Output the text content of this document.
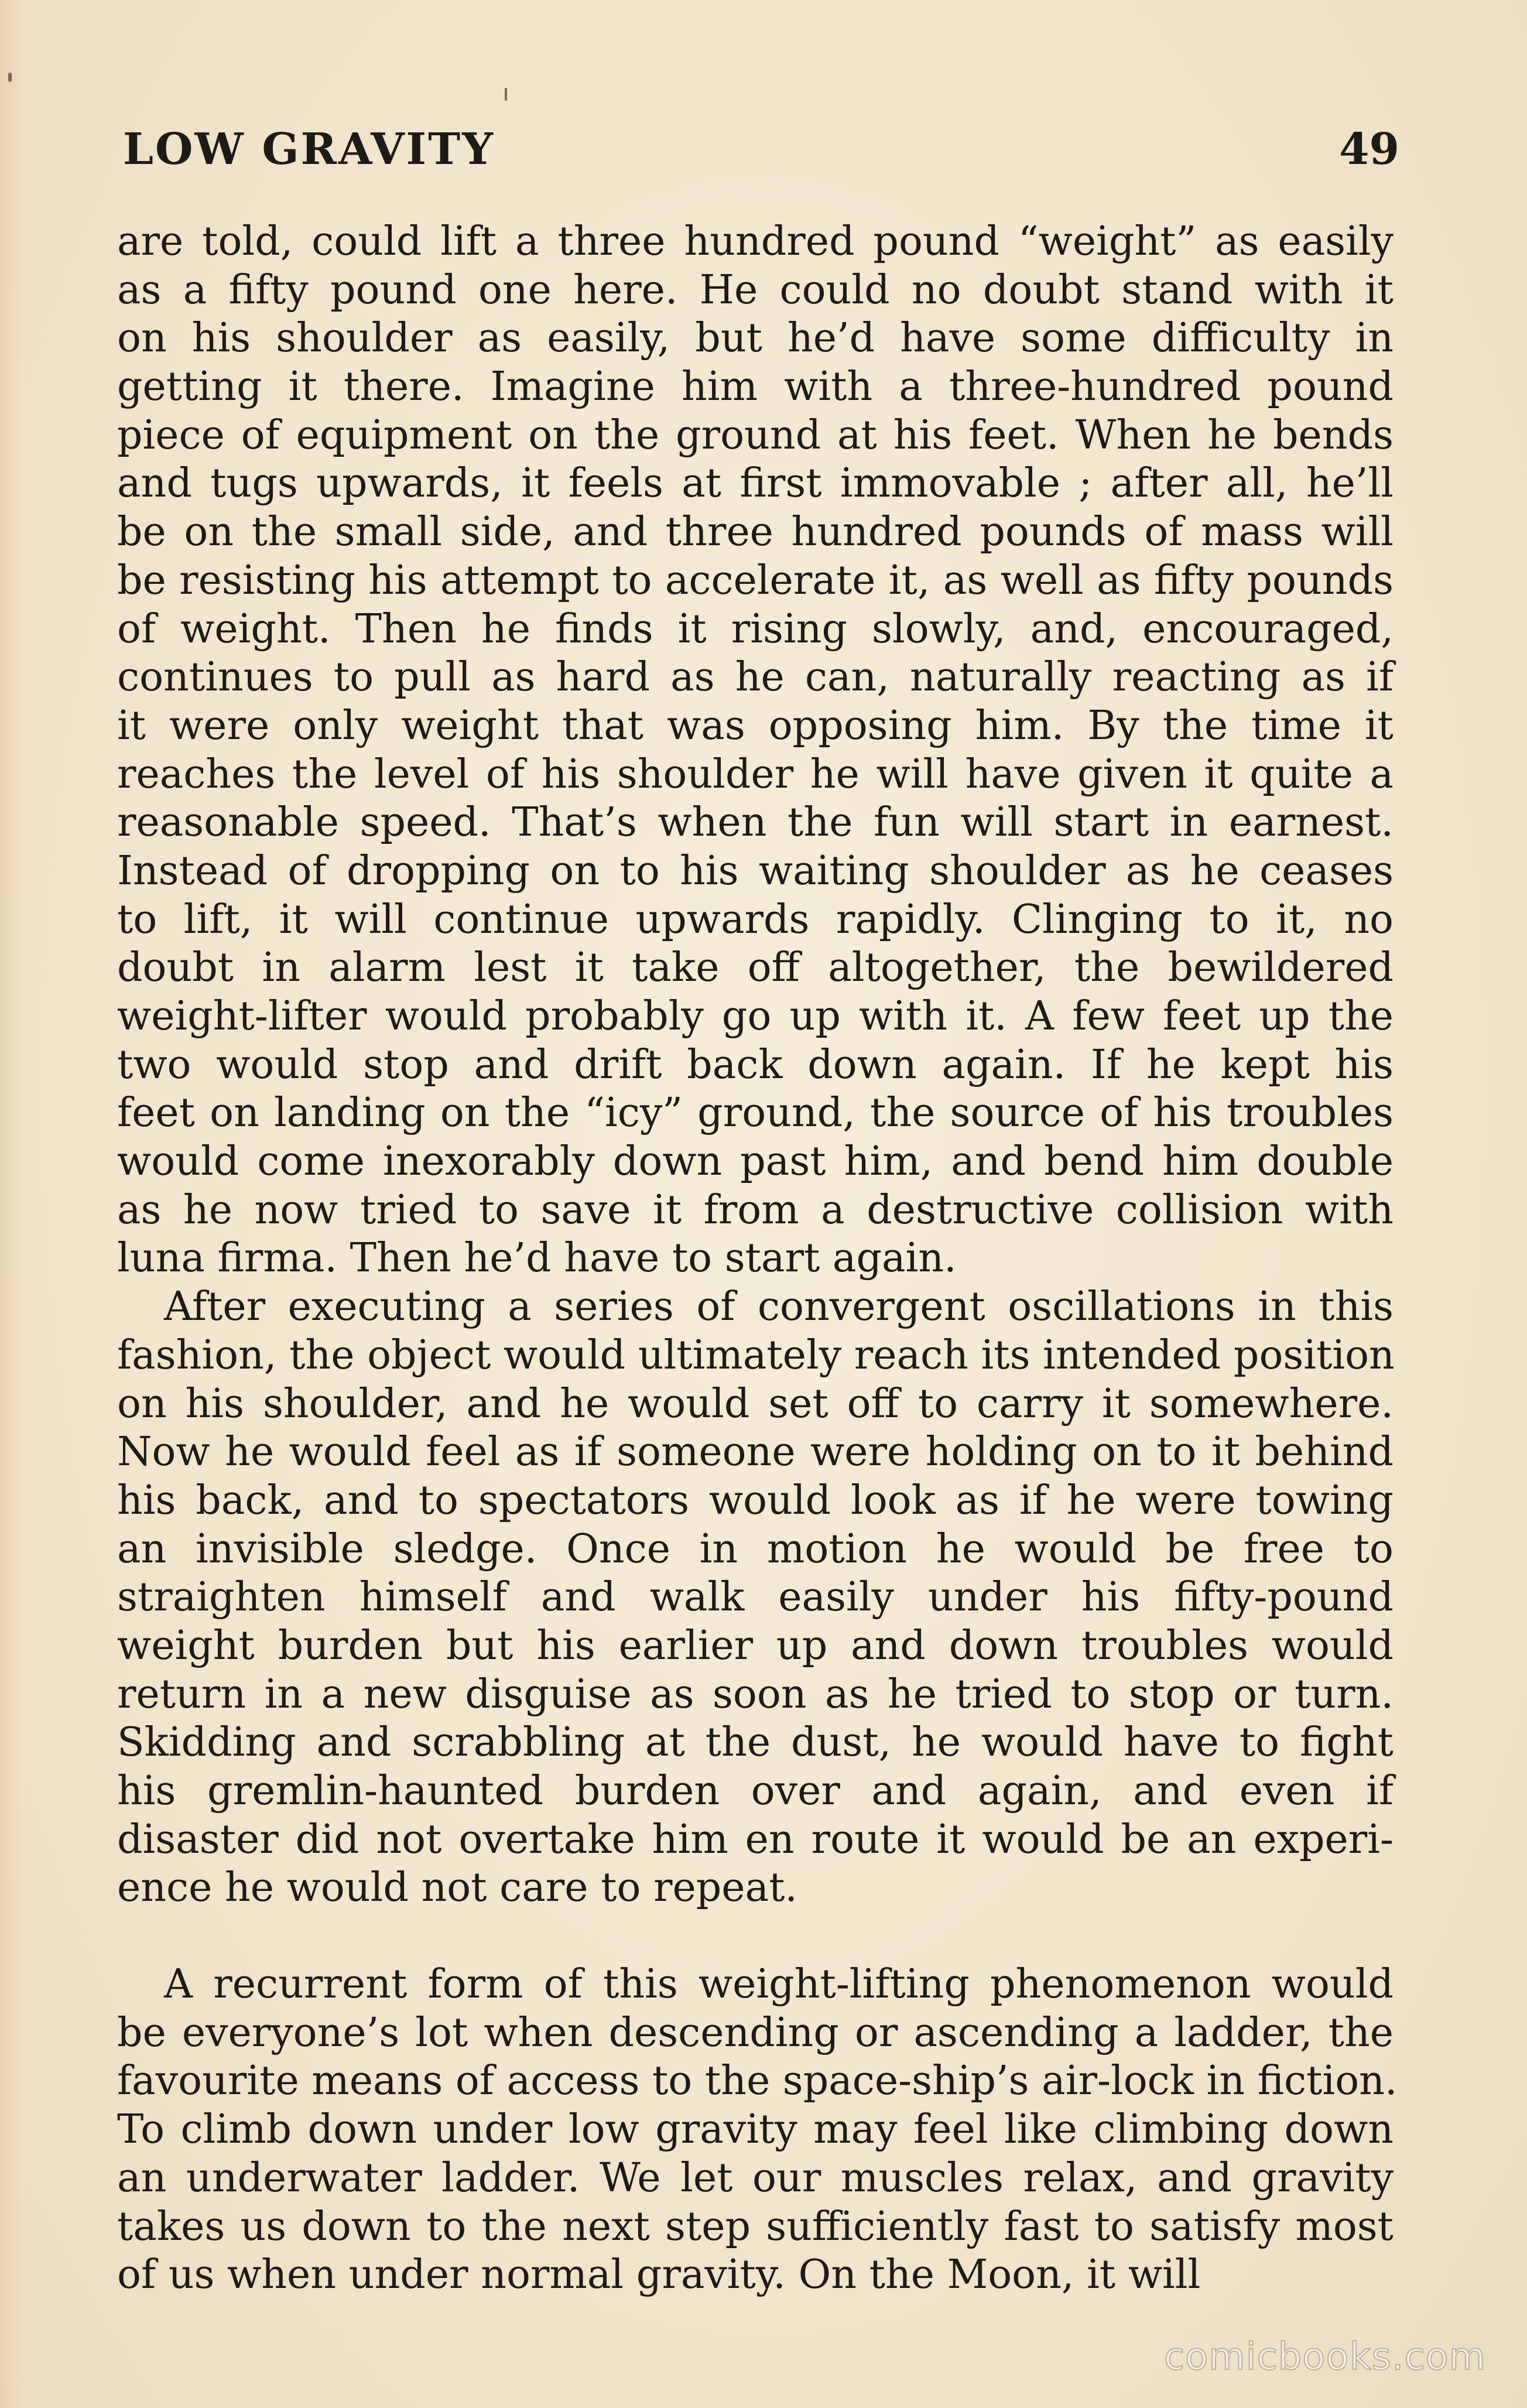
LOW GRAVITY	49
are told, could lift a three hundred pound “weight” as easily
as a fifty pound one here. He could no doubt stand with it
on his shoulder as easily, but he’d have some difficulty in
getting it there. Imagine him with a three-hundred pound
piece of equipment on the ground at his feet. When he bends
and tugs upwards, it feels at first immovable ; after all, he’ll
be on the small side, and three hundred pounds of mass will
be resisting his attempt to accelerate it, as well as fifty pounds
of weight. Then he finds it rising slowly, and, encouraged,
continues to pull as hard as he can, naturally reacting as if
it were only weight that was opposing him. By the time it
reaches the level of his shoulder he will have given it quite a
reasonable speed. That’s when the fun will start in earnest.
Instead of dropping on to his waiting shoulder as he ceases
to lift, it will continue upwards rapidly. Clinging to it, no
doubt in alarm lest it take off altogether, the bewildered
weight-lifter would probably go up with it. A few feet up the
two would stop and drift back down again. If he kept his
feet on landing on the “icy” ground, the source of his troubles
would come inexorably down past him, and bend him double
as he now tried to save it from a destructive collision with
luna firma. Then he’d have to start again.
After executing a series of convergent oscillations in this
fashion, the object would ultimately reach its intended position
on his shoulder, and he would set off to carry it somewhere.
Now he would feel as if someone were holding on to it behind
his back, and to spectators would look as if he were towing
an invisible sledge. Once in motion he would be free to
straighten himself and walk easily under his fifty-pound
weight burden but his earlier up and down troubles would
return in a new disguise as soon as he tried to stop or turn.
Skidding and scrabbling at the dust, he would have to fight
his gremlin-haunted burden over and again, and even if
disaster did not overtake him en route it would be an experi-
ence he would not care to repeat.
A recurrent form of this weight-lifting phenomenon would
be everyone’s lot when descending or ascending a ladder, the
favourite means of access to the space-ship’s air-lock in fiction.
To climb down under low gravity may feel like climbing down
an underwater ladder. We let our muscles relax, and gravity
takes us down to the next step sufficiently fast to satisfy most
of us when under normal gravity. On the Moon, it will
comicbooks.com
